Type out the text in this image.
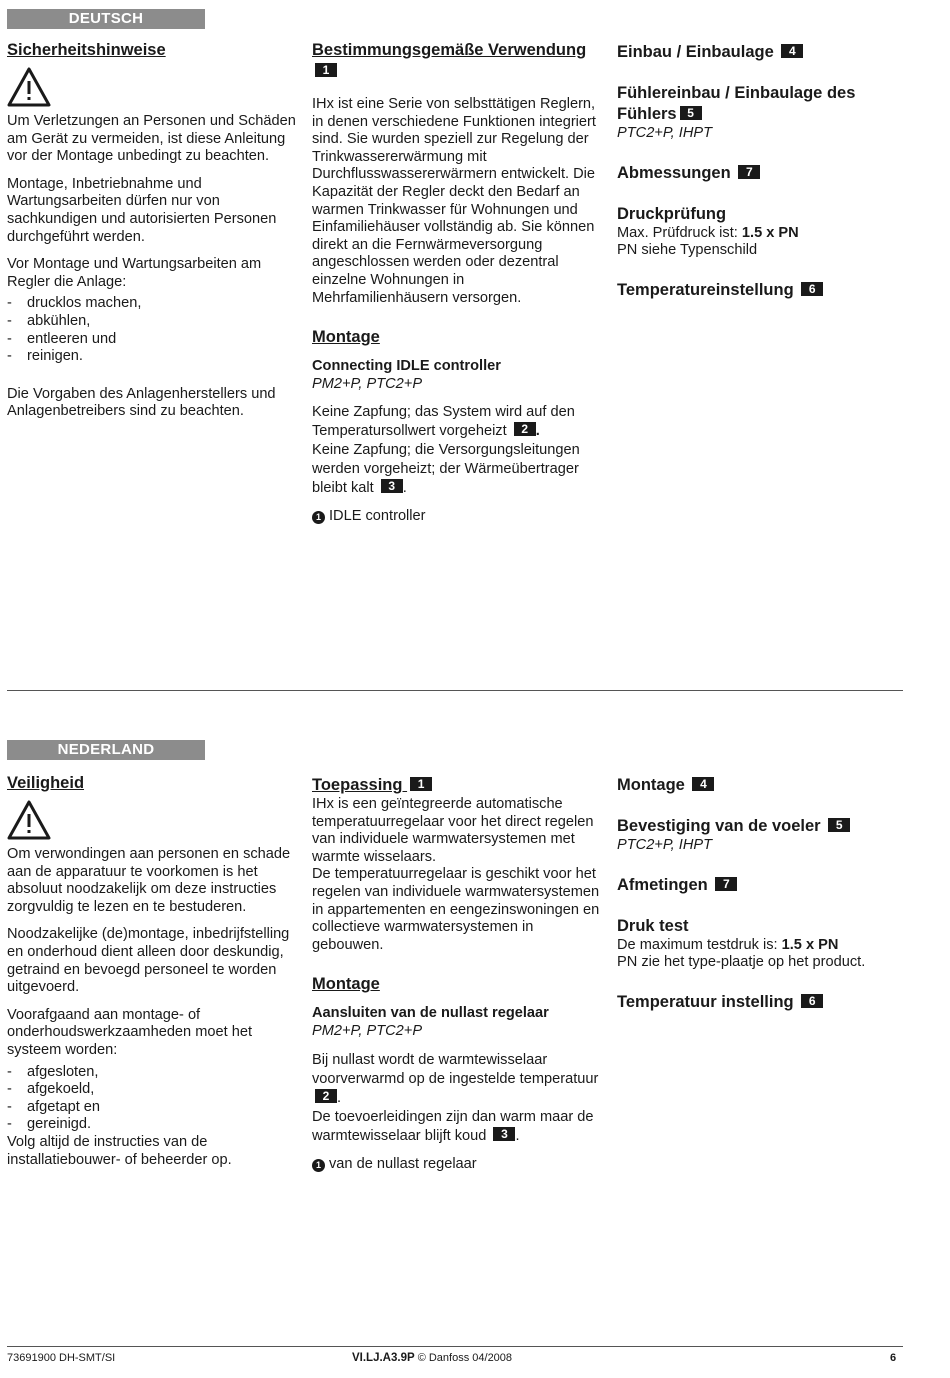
DEUTSCH

Sicherheitshinweise

Um Verletzungen an Personen und Schäden am Gerät zu vermeiden, ist diese Anleitung vor der Montage unbedingt zu beachten.

Montage, Inbetriebnahme und Wartungsarbeiten dürfen nur von sachkundigen und autorisierten Personen durchgeführt werden.

Vor Montage und Wartungsarbeiten am Regler die Anlage:

- drucklos machen,
- abkühlen,
- entleeren und
- reinigen.

Die Vorgaben des Anlagenherstellers und Anlagenbetreibers sind zu beachten.

Bestimmungsgemäße Verwendung1

IHx ist eine Serie von selbsttätigen Reglern, in denen verschiedene Funktionen integriert sind. Sie wurden speziell zur Regelung der Trinkwassererwärmung mit Durchflusswassererwärmern entwickelt. Die Kapazität der Regler deckt den Bedarf an warmen Trinkwasser für Wohnungen und Einfamiliehäuser vollständig ab. Sie können direkt an die Fernwärmeversorgung angeschlossen werden oder dezentral einzelne Wohnungen in Mehrfamilienhäusern versorgen.

Montage

Connecting IDLE controller

PM2+P, PTC2+P

Keine Zapfung; das System wird auf den Temperatursollwert vorgeheizt 2 .

Keine Zapfung; die Versorgungsleitungen werden vorgeheizt; der Wärmeübertrager bleibt kalt 3 .

1 IDLE controller

Einbau / Einbaulage 4

Fühlereinbau / Einbaulage des Fühlers 5

PTC2+P, IHPT

Abmessungen 7

Druckprüfung

Max. Prüfdruck ist: 1.5 x PN

PN siehe Typenschild

Temperatureinstellung 6

NEDERLAND

Veiligheid

Om verwondingen aan personen en schade aan de apparatuur te voorkomen is het absoluut noodzakelijk om deze instructies zorgvuldig te lezen en te bestuderen.

Noodzakelijke (de)montage, inbedrijfstelling en onderhoud dient alleen door deskundig, getraind en bevoegd personeel te worden uitgevoerd.

Voorafgaand aan montage- of onderhoudswerkzaamheden moet het systeem worden:

- afgesloten,
- afgekoeld,
- afgetapt en
- gereinigd.

Volg altijd de instructies van de installatiebouwer- of beheerder op.

Toepassing 1

IHx is een geïntegreerde automatische temperatuurregelaar voor het direct regelen van individuele warmwatersystemen met warmte wisselaars.

De temperatuurregelaar is geschikt voor het regelen van individuele warmwatersystemen in appartementen en eengezinswoningen en collectieve warmwatersystemen in gebouwen.

Montage

Aansluiten van de nullast regelaar

PM2+P, PTC2+P

Bij nullast wordt de warmtewisselaar voorverwarmd op de ingestelde temperatuur 2 .

De toevoerleidingen zijn dan warm maar de warmtewisselaar blijft koud 3 .

1 van de nullast regelaar

Montage 4

Bevestiging van de voeler 5

PTC2+P, IHPT

Afmetingen 7

Druk test

De maximum testdruk is: 1.5 x PN

PN zie het type-plaatje op het product.

Temperatuur instelling 6

73691900 DH-SMT/SI	VI.LJ.A3.9P © Danfoss 04/2008	6
